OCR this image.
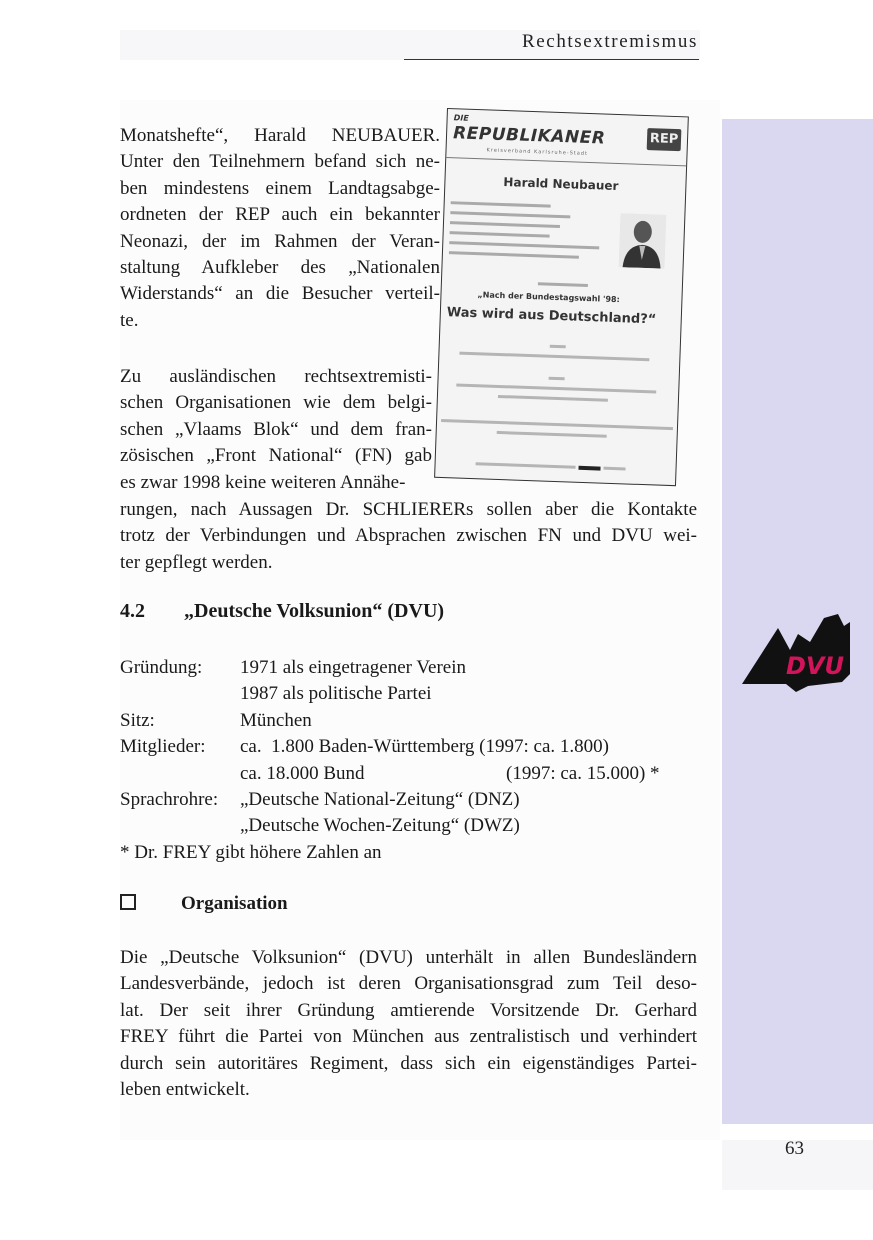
Rechtsextremismus
63
Monatshefte“, Harald NEUBAUER.
Unter den Teilnehmern befand sich ne-
ben mindestens einem Landtagsabge-
ordneten der REP auch ein bekannter
Neonazi, der im Rahmen der Veran-
staltung Aufkleber des „Nationalen
Widerstands“ an die Besucher verteil-
te.
Zu ausländischen rechtsextremisti-
schen Organisationen wie dem belgi-
schen „Vlaams Blok“ und dem fran-
zösischen „Front National“ (FN) gab
es zwar 1998 keine weiteren Annähe-
rungen, nach Aussagen Dr. SCHLIERERs sollen aber die Kontakte
trotz der Verbindungen und Absprachen zwischen FN und DVU wei-
ter gepflegt werden.
DIE
REPUBLIKANER	REP
Kreisverband Karlsruhe-Stadt
Harald Neubauer
„Nach der Bundestagswahl '98:
Was wird aus Deutschland?“
DVU
4.2 „Deutsche Volksunion“ (DVU)
Gründung: 1971 als eingetragener Verein
1987 als politische Partei
Sitz:	München
Mitglieder: ca.  1.800 Baden-Württemberg (1997: ca. 1.800)
ca. 18.000 Bund	(1997: ca. 15.000) *
Sprachrohre: „Deutsche National-Zeitung“ (DNZ)
„Deutsche Wochen-Zeitung“ (DWZ)
* Dr. FREY gibt höhere Zahlen an
Organisation
Die „Deutsche Volksunion“ (DVU) unterhält in allen Bundesländern
Landesverbände, jedoch ist deren Organisationsgrad zum Teil deso-
lat. Der seit ihrer Gründung amtierende Vorsitzende Dr. Gerhard
FREY führt die Partei von München aus zentralistisch und verhindert
durch sein autoritäres Regiment, dass sich ein eigenständiges Partei-
leben entwickelt.
